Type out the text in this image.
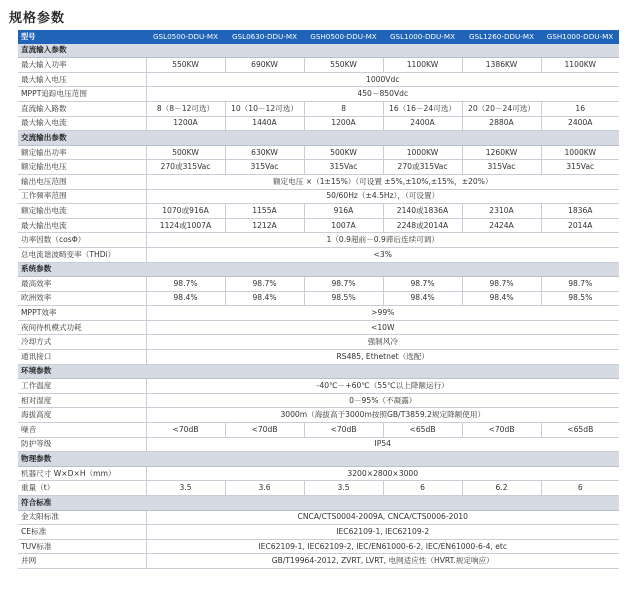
规格参数
型号	GSL0500-DDU-MX	GSL0630-DDU-MX	GSH0500-DDU-MX	GSL1000-DDU-MX	GSL1260-DDU-MX	GSH1000-DDU-MX
直流输入参数						
最大输入功率	550KW	690KW	550KW	1100KW	1386KW	1100KW
最大输入电压	1000Vdc					
MPPT追踪电压范围	450－850Vdc					
直流输入路数	8（8－12可选）	10（10－12可选）	8	16（16－24可选）	20（20－24可选）	16
最大输入电流	1200A	1440A	1200A	2400A	2880A	2400A
交流输出参数						
额定输出功率	500KW	630KW	500KW	1000KW	1260KW	1000KW
额定输出电压	270或315Vac	315Vac	315Vac	270或315Vac	315Vac	315Vac
输出电压范围	额定电压 ×（1±15%）（可设置 ±5%,±10%,±15%，±20%）					
工作频率范围	50/60Hz（±4.5Hz），（可设置）					
额定输出电流	1070或916A	1155A	916A	2140或1836A	2310A	1836A
最大输出电流	1124或1007A	1212A	1007A	2248或2014A	2424A	2014A
功率因数（cosΦ）	1（0.9超前－0.9滞后连续可调）					
总电流谐波畸变率（THDi）	<3%					
系统参数						
最高效率	98.7%	98.7%	98.7%	98.7%	98.7%	98.7%
欧洲效率	98.4%	98.4%	98.5%	98.4%	98.4%	98.5%
MPPT效率	>99%					
夜间待机模式功耗	<10W					
冷却方式	强制风冷					
通讯接口	RS485, Ethetnet（选配）					
环境参数						
工作温度	-40℃－+60℃（55℃以上降额运行）					
相对湿度	0－95%（不凝露）					
海拔高度	3000m（海拔高于3000m按照GB/T3859.2规定降额使用）					
噪音	<70dB	<70dB	<70dB	<65dB	<70dB	<65dB
防护等级	IP54					
物理参数						
机器尺寸 W×D×H（mm）	3200×2800×3000					
重量（t）	3.5	3.6	3.5	6	6.2	6
符合标准						
金太阳标准	CNCA/CTS0004-2009A, CNCA/CTS0006-2010					
CE标准	IEC62109-1, IEC62109-2					
TUV标准	IEC62109-1, IEC62109-2, IEC/EN61000-6-2, IEC/EN61000-6-4, etc					
并网	GB/T19964-2012, ZVRT, LVRT, 电网适应性（HVRT.规定响应）					
